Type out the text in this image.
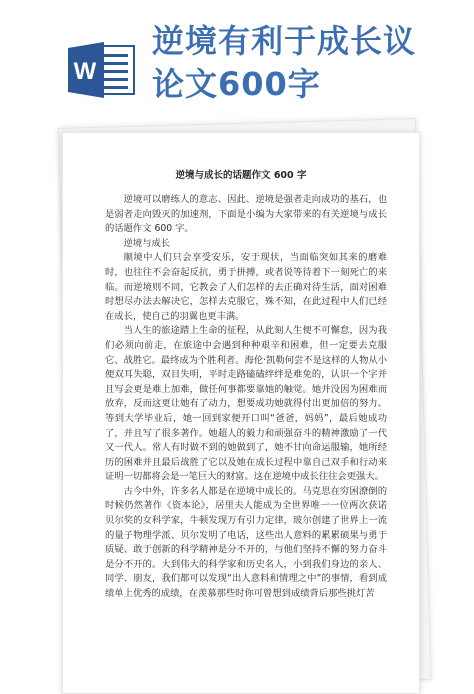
W
逆境有利于成长议
论文600字
逆境与成长的话题作文 600 字

逆境可以磨练人的意志、因此、逆境是强者走向成功的基石，也是弱者走向毁灭的加速剂，下面是小编为大家带来的有关逆境与成长的话题作文 600 字。

逆境与成长

顺境中人们只会享受安乐，安于现状，当面临突如其来的磨难时，也往往不会奋起反抗，勇于拼搏，或者说等待着下一刻死亡的来临。而逆境则不同，它教会了人们怎样的去正确对待生活，面对困难时想尽办法去解决它，怎样去克服它，殊不知，在此过程中人们已经在成长，使自己的羽翼也更丰满。

当人生的旅途踏上生命的征程，从此刻人生便不可懈怠，因为我们必须向前走，在旅途中会遇到种种艰辛和困难，但一定要去克服它、战胜它。最终成为个胜利者。海伦·凯勒何尝不是这样的人物从小便双耳失聪，双目失明，平时走路磕磕绊绊是难免的，认识一个字并且写会更是难上加难，做任何事都要靠她的触觉。她并没因为困难而放弃，反而这更让她有了动力，想要成功她就得付出更加倍的努力。等到大学毕业后，她一回到家便开口叫“爸爸，妈妈”，最后她成功了，并且写了很多著作。她超人的毅力和顽强奋斗的精神激励了一代又一代人。常人有时做不到的她做到了，她不甘向命运服输，她所经历的困难并且最后战胜了它以及她在成长过程中靠自己双手和行动来证明一切都将会是一笔巨大的财富。这在逆境中成长往往会更强大。

古今中外，许多名人都是在逆境中成长的。马克思在穷困潦倒的时候仍然著作《资本论》，居里夫人能成为全世界唯一一位两次获诺贝尔奖的女科学家，牛顿发现万有引力定律，玻尔创建了世界上一流的量子物理学派、贝尔发明了电话，这些出人意料的累累硕果与勇于质疑、敢于创新的科学精神是分不开的，与他们坚持不懈的努力奋斗是分不开的。大到伟大的科学家和历史名人，小到我们身边的亲人、同学、朋友，我们都可以发现“出人意料和情理之中”的事情，看到成绩单上优秀的成绩，在羡慕那些时你可曾想到成绩背后那些挑灯苦
